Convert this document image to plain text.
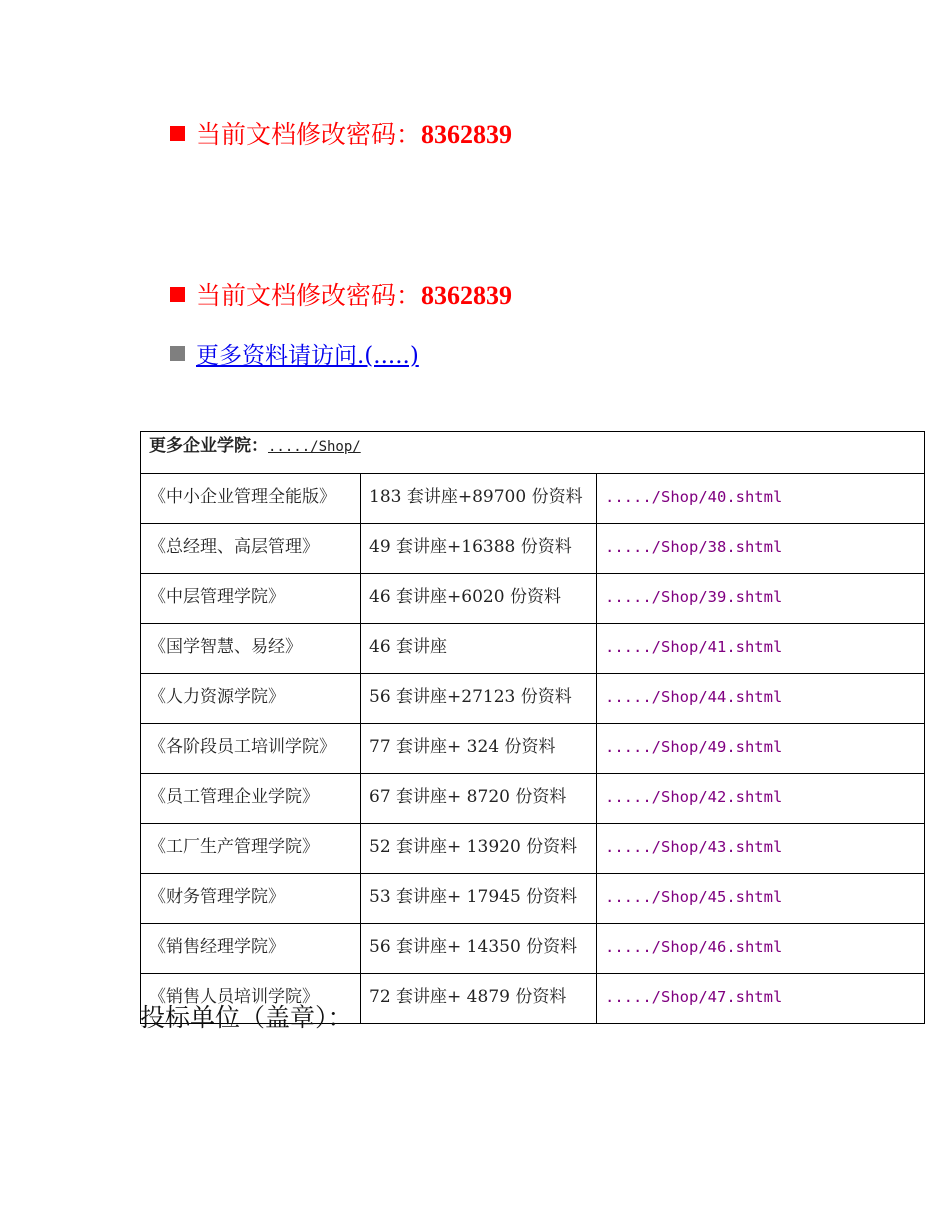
当前文档修改密码：8362839
当前文档修改密码：8362839
更多资料请访问.(.....)
更多企业学院：...../Shop/		
《中小企业管理全能版》	183 套讲座+89700 份资料	...../Shop/40.shtml
《总经理、高层管理》	49 套讲座+16388 份资料	...../Shop/38.shtml
《中层管理学院》	46 套讲座+6020 份资料	...../Shop/39.shtml
《国学智慧、易经》	46 套讲座	...../Shop/41.shtml
《人力资源学院》	56 套讲座+27123 份资料	...../Shop/44.shtml
《各阶段员工培训学院》	77 套讲座+ 324 份资料	...../Shop/49.shtml
《员工管理企业学院》	67 套讲座+ 8720 份资料	...../Shop/42.shtml
《工厂生产管理学院》	52 套讲座+ 13920 份资料	...../Shop/43.shtml
《财务管理学院》	53 套讲座+ 17945 份资料	...../Shop/45.shtml
《销售经理学院》	56 套讲座+ 14350 份资料	...../Shop/46.shtml
《销售人员培训学院》	72 套讲座+ 4879 份资料	...../Shop/47.shtml
投标单位（盖章）：
